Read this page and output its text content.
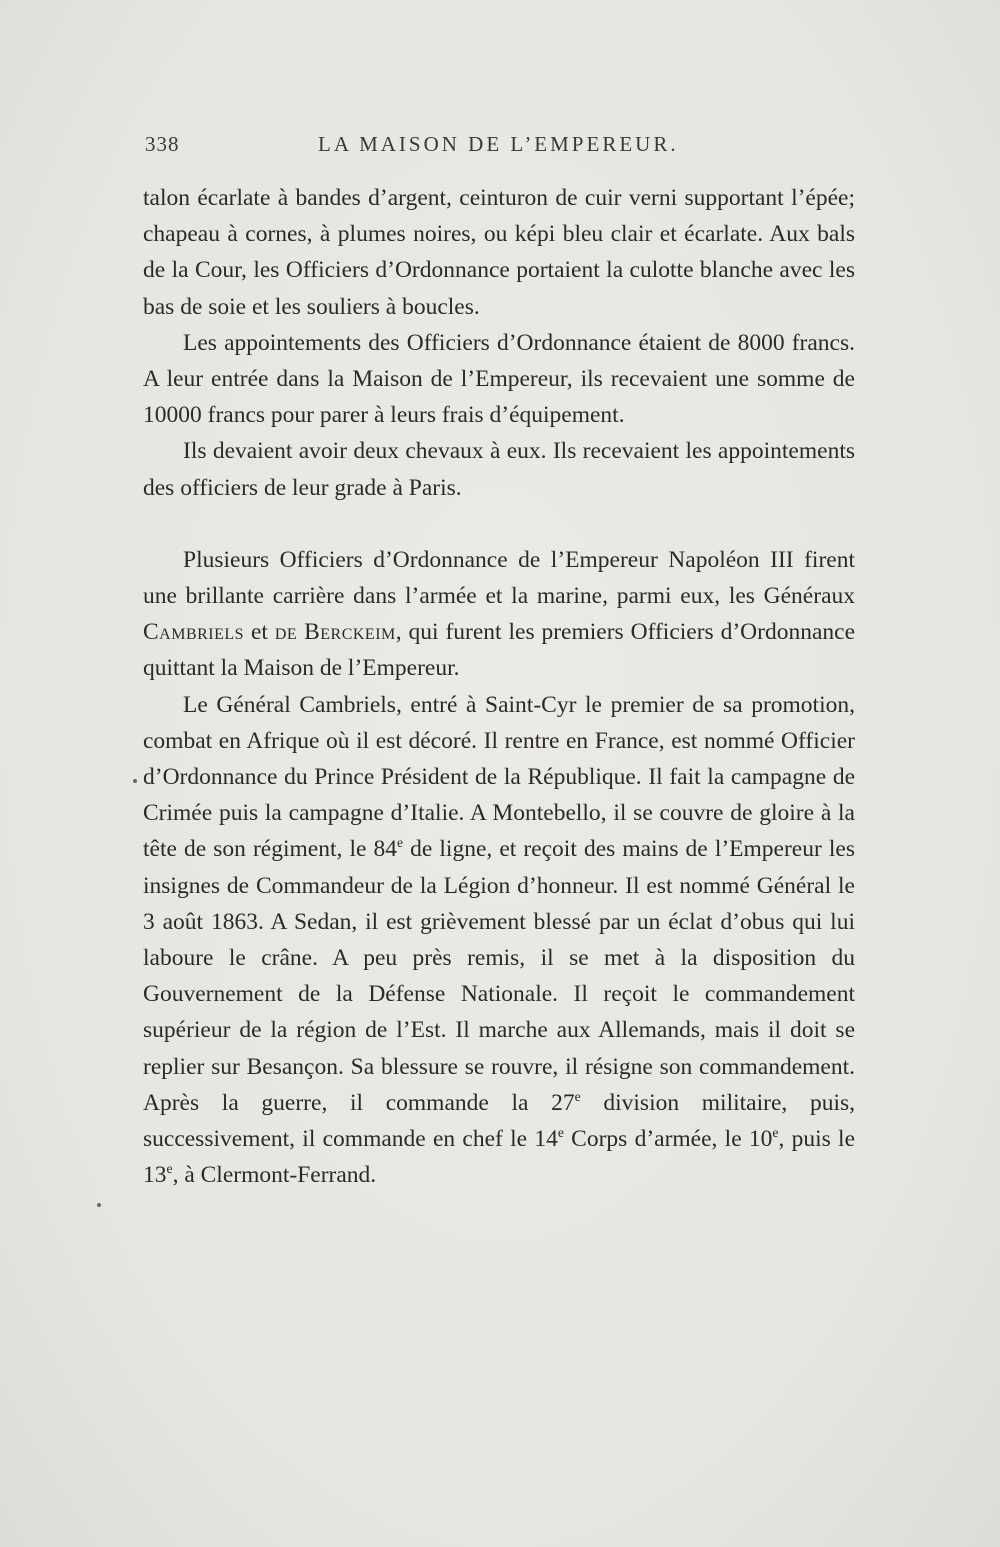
338	LA MAISON DE L’EMPEREUR.

talon écarlate à bandes d’argent, ceinturon de cuir verni supportant l’épée; chapeau à cornes, à plumes noires, ou képi bleu clair et écarlate. Aux bals de la Cour, les Officiers d’Ordonnance portaient la culotte blanche avec les bas de soie et les souliers à boucles.

Les appointements des Officiers d’Ordonnance étaient de 8000 francs. A leur entrée dans la Maison de l’Empereur, ils recevaient une somme de 10000 francs pour parer à leurs frais d’équipement.

Ils devaient avoir deux chevaux à eux. Ils recevaient les appointements des officiers de leur grade à Paris.

Plusieurs Officiers d’Ordonnance de l’Empereur Napoléon III firent une brillante carrière dans l’armée et la marine, parmi eux, les Généraux Cambriels et de Berckeim, qui furent les premiers Officiers d’Ordonnance quittant la Maison de l’Empereur.

Le Général Cambriels, entré à Saint-Cyr le premier de sa promotion, combat en Afrique où il est décoré. Il rentre en France, est nommé Officier d’Ordonnance du Prince Président de la République. Il fait la campagne de Crimée puis la campagne d’Italie. A Montebello, il se couvre de gloire à la tête de son régiment, le 84e de ligne, et reçoit des mains de l’Empereur les insignes de Commandeur de la Légion d’honneur. Il est nommé Général le 3 août 1863. A Sedan, il est grièvement blessé par un éclat d’obus qui lui laboure le crâne. A peu près remis, il se met à la disposition du Gouvernement de la Défense Nationale. Il reçoit le commandement supérieur de la région de l’Est. Il marche aux Allemands, mais il doit se replier sur Besançon. Sa blessure se rouvre, il résigne son commandement. Après la guerre, il commande la 27e division militaire, puis, successivement, il commande en chef le 14e Corps d’armée, le 10e, puis le 13e, à Clermont-Ferrand.
